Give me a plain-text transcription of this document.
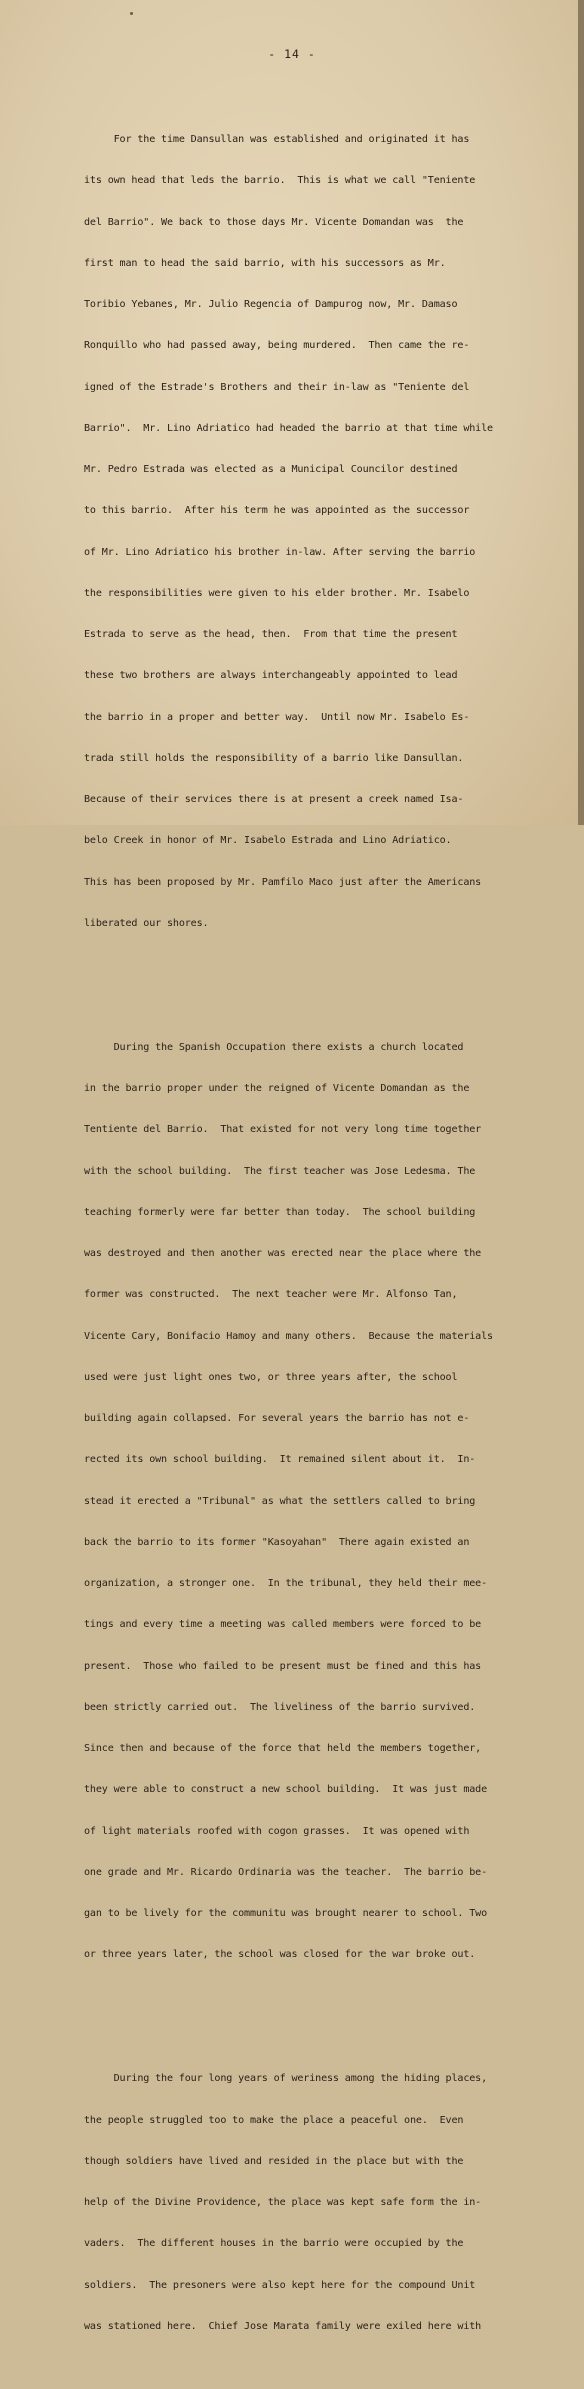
- 14 -

For the time Dansullan was established and originated it has

its own head that leds the barrio.  This is what we call "Teniente

del Barrio". We back to those days Mr. Vicente Domandan was  the

first man to head the said barrio, with his successors as Mr.

Toribio Yebanes, Mr. Julio Regencia of Dampurog now, Mr. Damaso

Ronquillo who had passed away, being murdered.  Then came the re-

igned of the Estrade's Brothers and their in-law as "Teniente del

Barrio".  Mr. Lino Adriatico had headed the barrio at that time while

Mr. Pedro Estrada was elected as a Municipal Councilor destined

to this barrio.  After his term he was appointed as the successor

of Mr. Lino Adriatico his brother in-law. After serving the barrio

the responsibilities were given to his elder brother. Mr. Isabelo

Estrada to serve as the head, then.  From that time the present

these two brothers are always interchangeably appointed to lead

the barrio in a proper and better way.  Until now Mr. Isabelo Es-

trada still holds the responsibility of a barrio like Dansullan.

Because of their services there is at present a creek named Isa-

belo Creek in honor of Mr. Isabelo Estrada and Lino Adriatico.

This has been proposed by Mr. Pamfilo Maco just after the Americans

liberated our shores.

During the Spanish Occupation there exists a church located

in the barrio proper under the reigned of Vicente Domandan as the

Tentiente del Barrio.  That existed for not very long time together

with the school building.  The first teacher was Jose Ledesma. The

teaching formerly were far better than today.  The school building

was destroyed and then another was erected near the place where the

former was constructed.  The next teacher were Mr. Alfonso Tan,

Vicente Cary, Bonifacio Hamoy and many others.  Because the materials

used were just light ones two, or three years after, the school

building again collapsed. For several years the barrio has not e-

rected its own school building.  It remained silent about it.  In-

stead it erected a "Tribunal" as what the settlers called to bring

back the barrio to its former "Kasoyahan"  There again existed an

organization, a stronger one.  In the tribunal, they held their mee-

tings and every time a meeting was called members were forced to be

present.  Those who failed to be present must be fined and this has

been strictly carried out.  The liveliness of the barrio survived.

Since then and because of the force that held the members together,

they were able to construct a new school building.  It was just made

of light materials roofed with cogon grasses.  It was opened with

one grade and Mr. Ricardo Ordinaria was the teacher.  The barrio be-

gan to be lively for the communitu was brought nearer to school. Two

or three years later, the school was closed for the war broke out.

During the four long years of weriness among the hiding places,

the people struggled too to make the place a peaceful one.  Even

though soldiers have lived and resided in the place but with the

help of the Divine Providence, the place was kept safe form the in-

vaders.  The different houses in the barrio were occupied by the

soldiers.  The presoners were also kept here for the compound Unit

was stationed here.  Chief Jose Marata family were exiled here with
